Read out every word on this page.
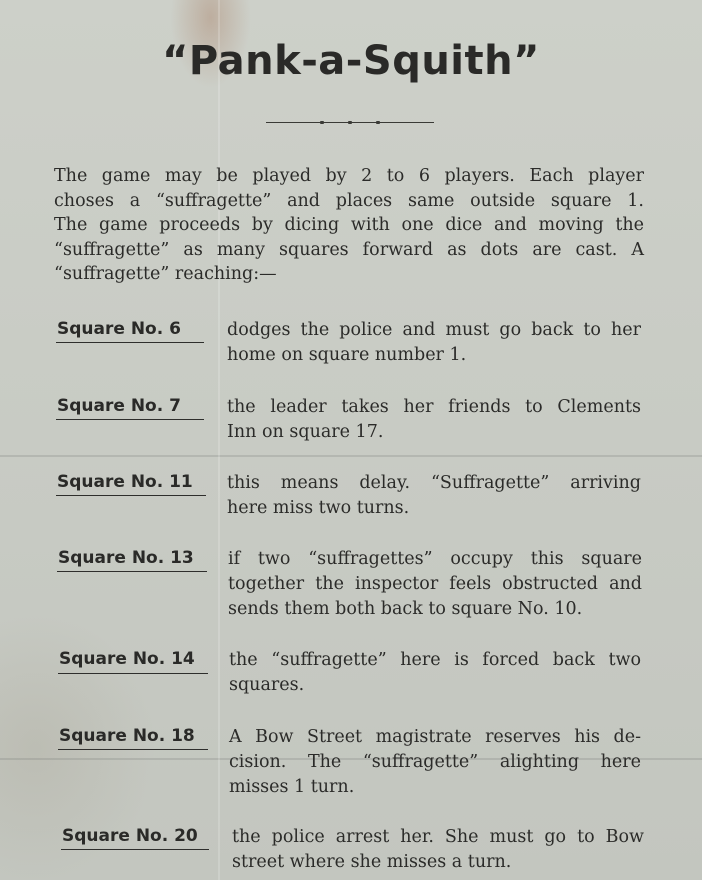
“Pank-a-Squith”
The game may be played by 2 to 6 players. Each player
choses a “suffragette” and places same outside square 1.
The game proceeds by dicing with one dice and moving the
“suffragette” as many squares forward as dots are cast. A
“suffragette” reaching:—
Square No. 6	dodges the police and must go back to her
home on square number 1.
Square No. 7	the leader takes her friends to Clements
Inn on square 17.
Square No. 11 this means delay. “Suffragette” arriving
here miss two turns.
Square No. 13 if two “suffragettes” occupy this square
together the inspector feels obstructed and
sends them both back to square No. 10.
Square No. 14 the “suffragette” here is forced back two
squares.
Square No. 18 A Bow Street magistrate reserves his de-
cision. The “suffragette” alighting here
misses 1 turn.
Square No. 20 the police arrest her. She must go to Bow
street where she misses a turn.
